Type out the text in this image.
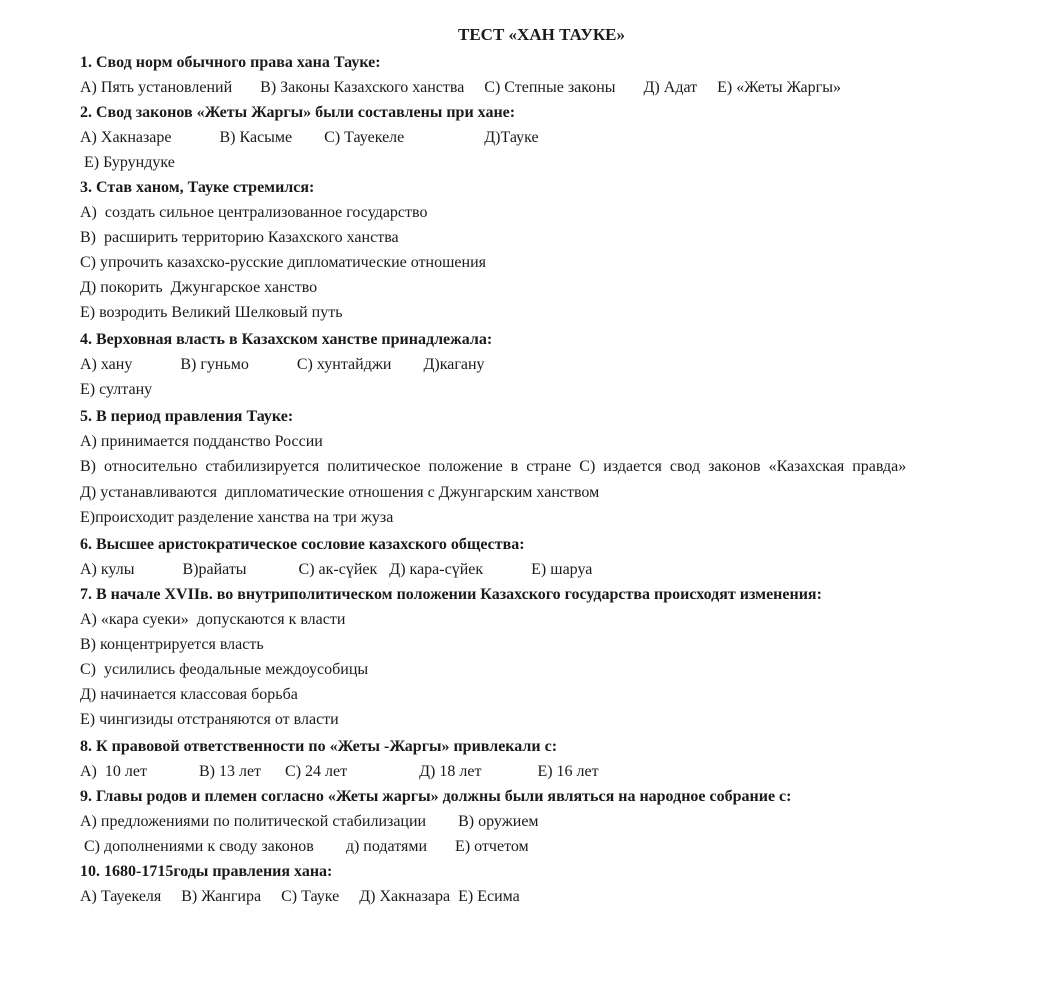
ТЕСТ «ХАН ТАУКЕ»

1. Свод норм обычного права хана Тауке:

А) Пять установлений       В) Законы Казахского ханства     С) Степные законы       Д) Адат     Е) «Жеты Жаргы»

2. Свод законов «Жеты Жаргы» были составлены при хане:

А) Хакназаре            В) Касыме        С) Тауекеле                    Д)Тауке

Е) Бурундуке

3. Став ханом, Тауке стремился:

А)  создать сильное централизованное государство

В)  расширить территорию Казахского ханства

С) упрочить казахско-русские дипломатические отношения

Д) покорить  Джунгарское ханство

Е) возродить Великий Шелковый путь

4. Верховная власть в Казахском ханстве принадлежала:

А) хану            В) гуньмо            С) хунтайджи        Д)кагану

Е) султану

5. В период правления Тауке:

А) принимается подданство России

В) относительно стабилизируется политическое положение в стране С) издается свод законов «Казахская правда»

Д) устанавливаются  дипломатические отношения с Джунгарским ханством

Е)происходит разделение ханства на три жуза

6. Высшее аристократическое сословие казахского общества:

А) кулы            В)райаты             С) ак-сүйек   Д) кара-сүйек            Е) шаруа

7. В начале XVIIв. во внутриполитическом положении Казахского государства происходят изменения:

А) «кара суеки»  допускаются к власти

В) концентрируется власть

С)  усилились феодальные междоусобицы

Д) начинается классовая борьба

Е) чингизиды отстраняются от власти

8. К правовой ответственности по «Жеты -Жаргы» привлекали с:

А)  10 лет             В) 13 лет      С) 24 лет                  Д) 18 лет              Е) 16 лет

9. Главы родов и племен согласно «Жеты жаргы» должны были являться на народное собрание с:

А) предложениями по политической стабилизации        В) оружием

С) дополнениями к своду законов        д) податями       Е) отчетом

10. 1680-1715годы правления хана:

А) Тауекеля     В) Жангира     С) Тауке     Д) Хакназара  Е) Есима
